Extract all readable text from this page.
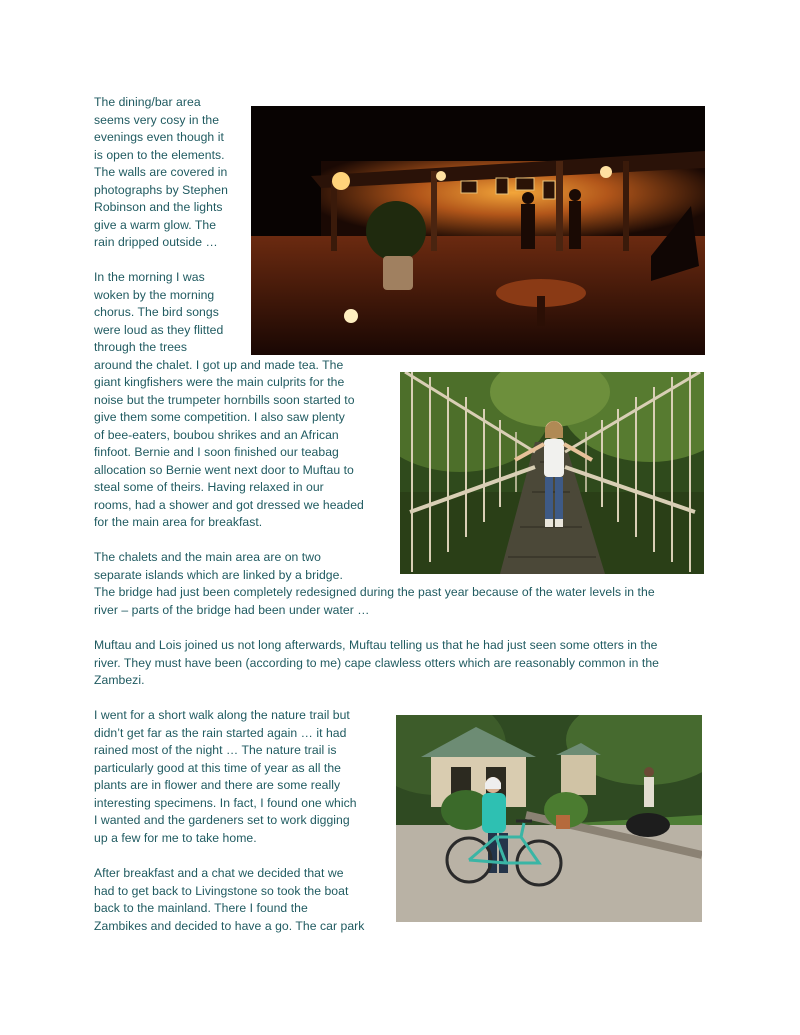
The dining/bar area
seems very cosy in the
evenings even though it
is open to the elements.
The walls are covered in
photographs by Stephen
Robinson and the lights
give a warm glow. The
rain dripped outside …
In the morning I was
woken by the morning
chorus. The bird songs
were loud as they flitted
through the trees
around the chalet. I got up and made tea. The
giant kingfishers were the main culprits for the
noise but the trumpeter hornbills soon started to
give them some competition. I also saw plenty
of bee-eaters, boubou shrikes and an African
finfoot. Bernie and I soon finished our teabag
allocation so Bernie went next door to Muftau to
steal some of theirs. Having relaxed in our
rooms, had a shower and got dressed we headed
for the main area for breakfast.
The chalets and the main area are on two
separate islands which are linked by a bridge.
The bridge had just been completely redesigned during the past year because of the water levels in the
river – parts of the bridge had been under water …
Muftau and Lois joined us not long afterwards, Muftau telling us that he had just seen some otters in the
river. They must have been (according to me) cape clawless otters which are reasonably common in the
Zambezi.
I went for a short walk along the nature trail but
didn’t get far as the rain started again … it had
rained most of the night … The nature trail is
particularly good at this time of year as all the
plants are in flower and there are some really
interesting specimens. In fact, I found one which
I wanted and the gardeners set to work digging
up a few for me to take home.
After breakfast and a chat we decided that we
had to get back to Livingstone so took the boat
back to the mainland. There I found the
Zambikes and decided to have a go. The car park
